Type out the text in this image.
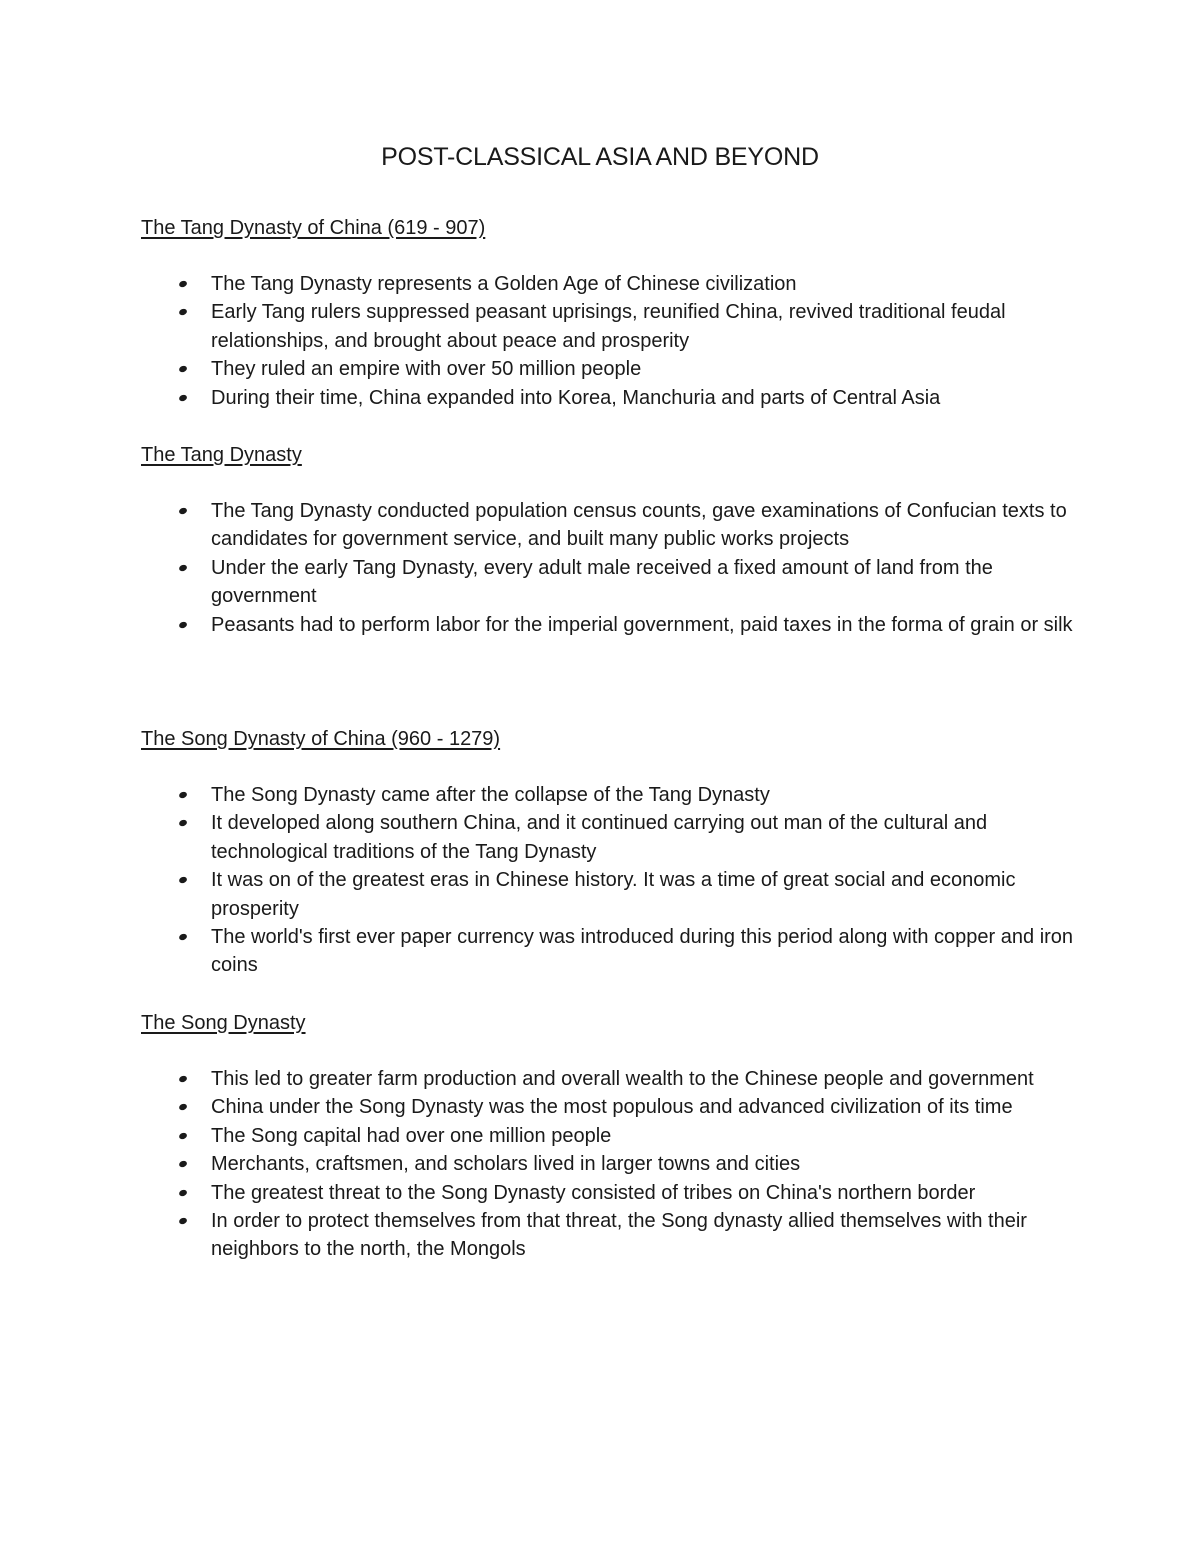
POST-CLASSICAL ASIA AND BEYOND
The Tang Dynasty of China (619 - 907)
The Tang Dynasty represents a Golden Age of Chinese civilization
Early Tang rulers suppressed peasant uprisings, reunified China, revived traditional feudal relationships, and brought about peace and prosperity
They ruled an empire with over 50 million people
During their time, China expanded into Korea, Manchuria and parts of Central Asia
The Tang Dynasty
The Tang Dynasty conducted population census counts, gave examinations of Confucian texts to candidates for government service, and built many public works projects
Under the early Tang Dynasty, every adult male received a fixed amount of land from the government
Peasants had to perform labor for the imperial government, paid taxes in the forma of grain or silk
The Song Dynasty of China (960 - 1279)
The Song Dynasty came after the collapse of the Tang Dynasty
It developed along southern China, and it continued carrying out man of the cultural and technological traditions of the Tang Dynasty
It was on of the greatest eras in Chinese history. It was a time of great social and economic prosperity
The world's first ever paper currency was introduced during this period along with copper and iron coins
The Song Dynasty
This led to greater farm production and overall wealth to the Chinese people and government
China under the Song Dynasty was the most populous and advanced civilization of its time
The Song capital had over one million people
Merchants, craftsmen, and scholars lived in larger towns and cities
The greatest threat to the Song Dynasty consisted of tribes on China's northern border
In order to protect themselves from that threat, the Song dynasty allied themselves with their neighbors to the north, the Mongols
